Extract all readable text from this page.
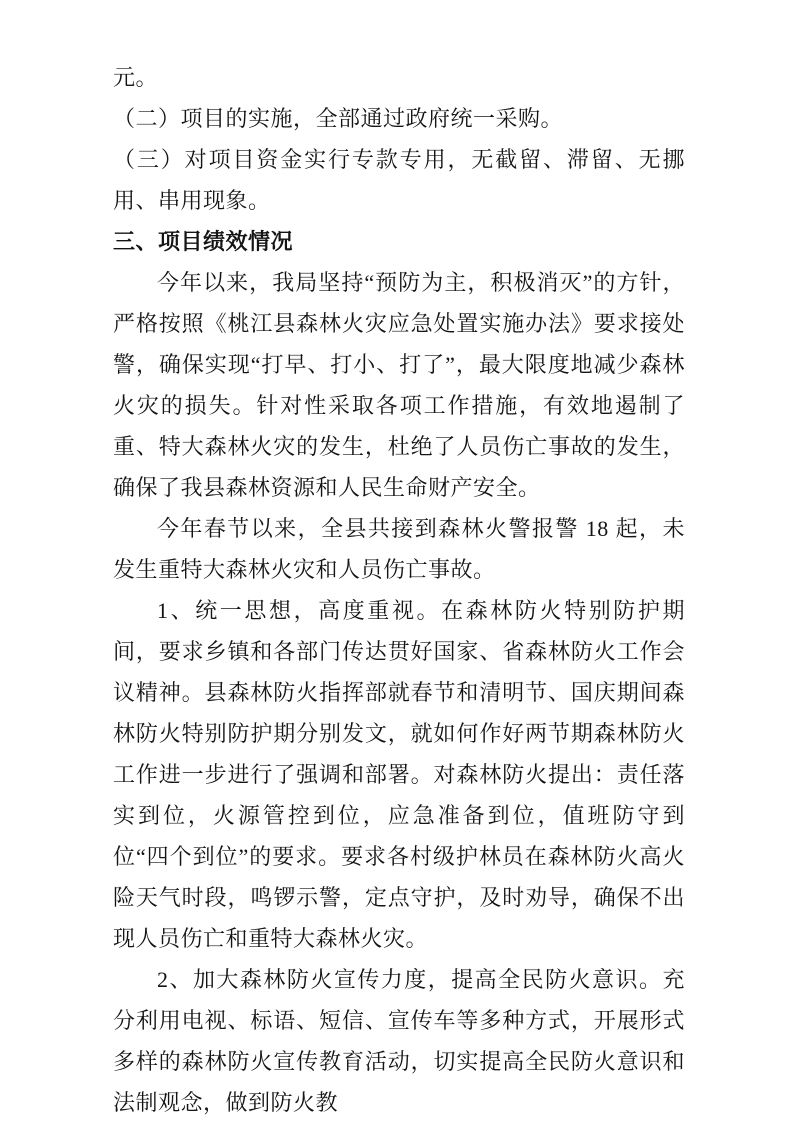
元。

（二）项目的实施，全部通过政府统一采购。

（三）对项目资金实行专款专用，无截留、滞留、无挪用、串用现象。

三、项目绩效情况

今年以来，我局坚持“预防为主，积极消灭”的方针，严格按照《桃江县森林火灾应急处置实施办法》要求接处警，确保实现“打早、打小、打了”，最大限度地减少森林火灾的损失。针对性采取各项工作措施，有效地遏制了重、特大森林火灾的发生，杜绝了人员伤亡事故的发生，确保了我县森林资源和人民生命财产安全。

今年春节以来，全县共接到森林火警报警 18 起，未发生重特大森林火灾和人员伤亡事故。

1、统一思想，高度重视。在森林防火特别防护期间，要求乡镇和各部门传达贯好国家、省森林防火工作会议精神。县森林防火指挥部就春节和清明节、国庆期间森林防火特别防护期分别发文，就如何作好两节期森林防火工作进一步进行了强调和部署。对森林防火提出：责任落实到位，火源管控到位，应急准备到位，值班防守到位“四个到位”的要求。要求各村级护林员在森林防火高火险天气时段，鸣锣示警，定点守护，及时劝导，确保不出现人员伤亡和重特大森林火灾。

2、加大森林防火宣传力度，提高全民防火意识。充分利用电视、标语、短信、宣传车等多种方式，开展形式多样的森林防火宣传教育活动，切实提高全民防火意识和法制观念，做到防火教
